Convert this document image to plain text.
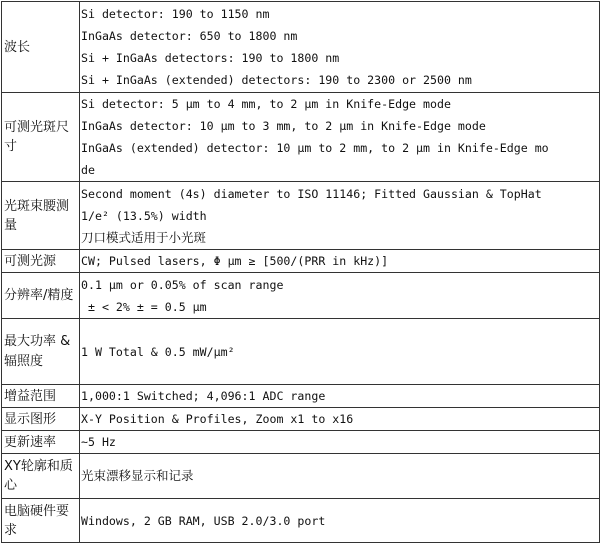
波长	Si detector: 190 to 1150 nm
InGaAs detector: 650 to 1800 nm
Si + InGaAs detectors: 190 to 1800 nm
Si + InGaAs (extended) detectors: 190 to 2300 or 2500 nm

可测光斑尺寸	Si detector: 5 μm to 4 mm, to 2 μm in Knife-Edge mode
InGaAs detector: 10 μm to 3 mm, to 2 μm in Knife-Edge mode
InGaAs (extended) detector: 10 μm to 2 mm, to 2 μm in Knife-Edge mo
de

光斑束腰测量	Second moment (4s) diameter to ISO 11146; Fitted Gaussian & TopHat
1/e² (13.5%) width
刀口模式适用于小光斑

可测光源	CW; Pulsed lasers, Φ μm ≥ [500/(PRR in kHz)]

分辨率/精度	0.1 μm or 0.05% of scan range
± < 2% ± = 0.5 μm

最大功率 & 辐照度	1 W Total & 0.5 mW/μm²

增益范围	1,000:1 Switched; 4,096:1 ADC range

显示图形	X-Y Position & Profiles, Zoom x1 to x16

更新速率	~5 Hz

XY轮廓和质心	光束漂移显示和记录

电脑硬件要求	Windows, 2 GB RAM, USB 2.0/3.0 port
